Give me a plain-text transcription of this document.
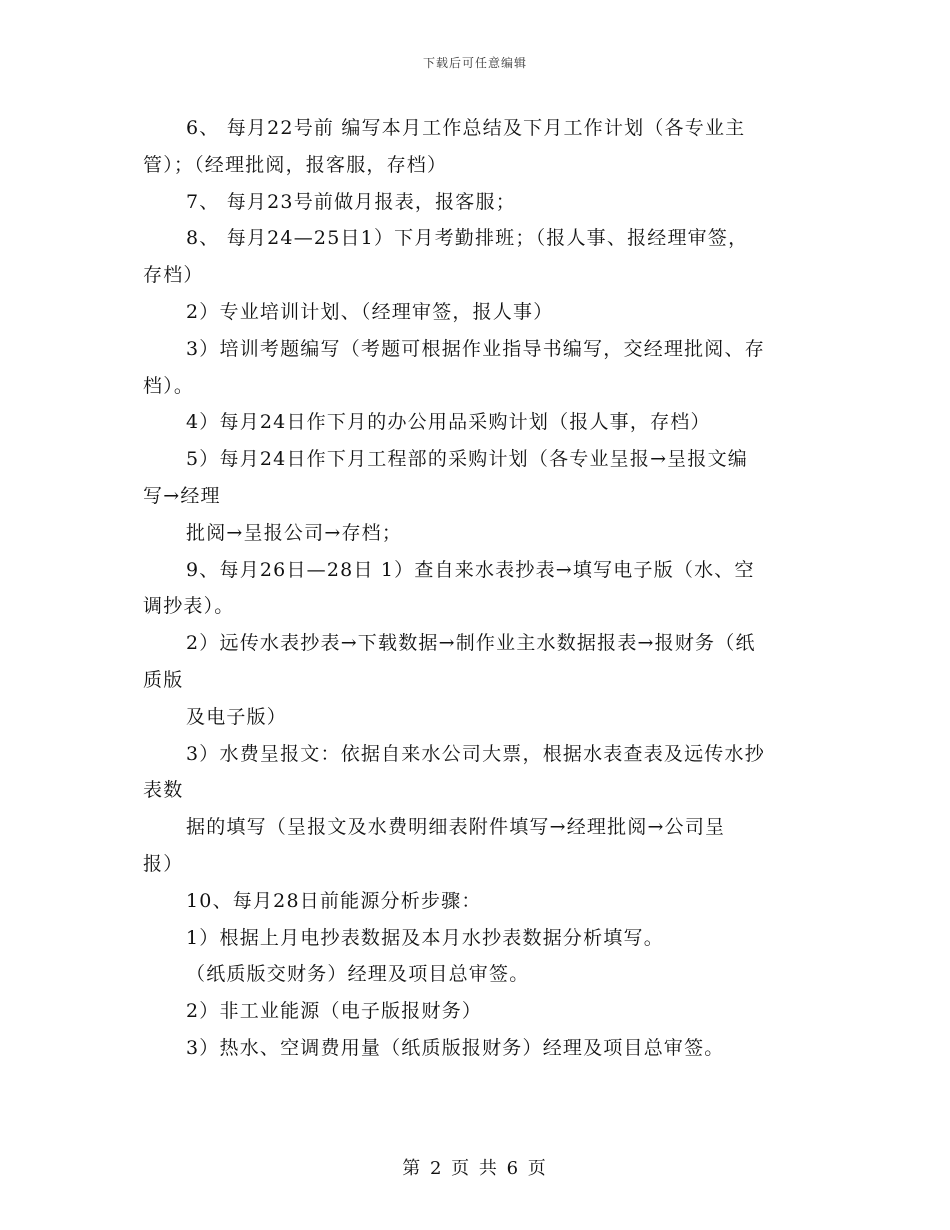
下载后可任意编辑
6、 每月22号前 编写本月工作总结及下月工作计划（各专业主
管）；（经理批阅，报客服，存档）
7、 每月23号前做月报表，报客服；
8、 每月24—25日1）下月考勤排班；（报人事、报经理审签，
存档）
2）专业培训计划、（经理审签，报人事）
3）培训考题编写（考题可根据作业指导书编写，交经理批阅、存
档）。
4）每月24日作下月的办公用品采购计划（报人事，存档）
5）每月24日作下月工程部的采购计划（各专业呈报→呈报文编
写→经理
批阅→呈报公司→存档；
9、每月26日—28日 1）查自来水表抄表→填写电子版（水、空
调抄表）。
2）远传水表抄表→下载数据→制作业主水数据报表→报财务（纸
质版
及电子版）
3）水费呈报文：依据自来水公司大票，根据水表查表及远传水抄
表数
据的填写（呈报文及水费明细表附件填写→经理批阅→公司呈
报）
10、每月28日前能源分析步骤：
1）根据上月电抄表数据及本月水抄表数据分析填写。
（纸质版交财务）经理及项目总审签。
2）非工业能源（电子版报财务）
3）热水、空调费用量（纸质版报财务）经理及项目总审签。
第 2 页 共 6 页
